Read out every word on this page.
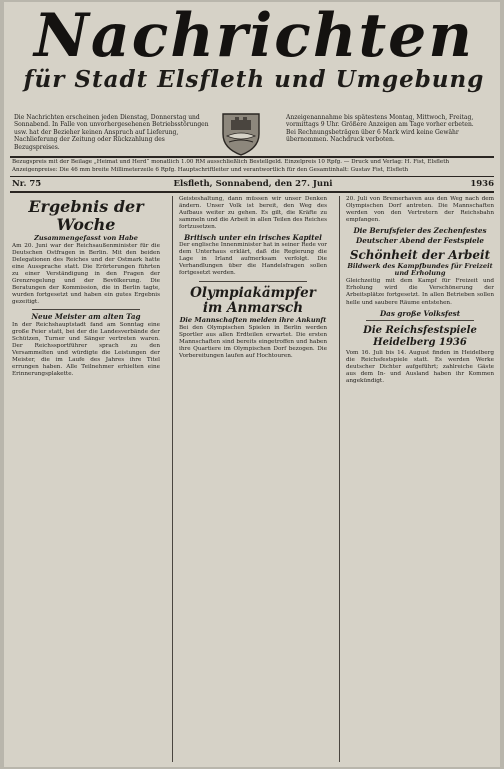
Nachrichten
für Stadt Elsfleth und Umgebung
Die Nachrichten erscheinen jeden Dienstag, Donnerstag und Sonnabend. In Falle von unvorhergesehenen Betriebsstörungen usw. hat der Bezieher keinen Anspruch auf Lieferung, Nachlieferung der Zeitung oder Rückzahlung des Bezugspreises.
Anzeigenannahme bis spätestens Montag, Mittwoch, Freitag, vormittags 9 Uhr. Größere Anzeigen am Tage vorher erbeten. Bei Rechnungsbeträgen über 6 Mark wird keine Gewähr übernommen. Nachdruck verboten.
Bezugspreis mit der Beilage „Heimat und Herd“ monatlich 1.00 RM ausschließlich Bestellgeld. Einzelpreis 10 Rpfg. — Druck und Verlag: H. Fist, Elsfleth
Anzeigenpreise: Die 46 mm breite Millimeterzeile 6 Rpfg. Hauptschriftleiter und verantwortlich für den Gesamtinhalt: Gustav Fist, Elsfleth
Nr. 75	Elsfleth, Sonnabend, den 27. Juni	1936
Ergebnis der Woche
Zusammengefasst von Habe

Am 20. Juni war der Reichsaußenminister für die Deutschen Ostfragen in Berlin. Mit den beiden Delegationen des Reiches und der Ostmark hatte eine Aussprache statt. Die Erörterungen führten zu einer Verständigung in den Fragen der Grenzregelung und der Bevölkerung. Die Beratungen der Kommission, die in Berlin tagte, wurden fortgesetzt und haben ein gutes Ergebnis gezeitigt.

Neue Meister am alten Tag

In der Reichshauptstadt fand am Sonntag eine große Feier statt, bei der die Landesverbände der Schützen, Turner und Sänger vertreten waren. Der Reichssportführer sprach zu den Versammelten und würdigte die Leistungen der Meister, die im Laufe des Jahres ihre Titel errungen haben. Alle Teilnehmer erhielten eine Erinnerungsplakette.

Geisteshaltung, dann müssen wir unser Denken ändern. Unser Volk ist bereit, den Weg des Aufbaus weiter zu gehen. Es gilt, die Kräfte zu sammeln und die Arbeit in allen Teilen des Reiches fortzusetzen.

Britisch unter ein irisches Kapitel

Der englische Innenminister hat in seiner Rede vor dem Unterhaus erklärt, daß die Regierung die Lage in Irland aufmerksam verfolgt. Die Verhandlungen über die Handelsfragen sollen fortgesetzt werden.

Olympiakämpfer im Anmarsch
Die Mannschaften melden ihre Ankunft

Bei den Olympischen Spielen in Berlin werden Sportler aus allen Erdteilen erwartet. Die ersten Mannschaften sind bereits eingetroffen und haben ihre Quartiere im Olympischen Dorf bezogen. Die Vorbereitungen laufen auf Hochtouren.

20. Juli von Bremerhaven aus den Weg nach dem Olympischen Dorf antreten. Die Mannschaften werden von den Vertretern der Reichsbahn empfangen.

Die Berufsfeier des Zechenfestes
Deutscher Abend der Festspiele
Schönheit der Arbeit
Bildwerk des Kampfbundes für Freizeit und Erholung

Gleichzeitig mit dem Kampf für Freizeit und Erholung wird die Verschönerung der Arbeitsplätze fortgesetzt. In allen Betrieben sollen helle und saubere Räume entstehen.

Das große Volksfest
Die Reichsfestspiele Heidelberg 1936

Vom 16. Juli bis 14. August finden in Heidelberg die Reichsfestspiele statt. Es werden Werke deutscher Dichter aufgeführt; zahlreiche Gäste aus dem In- und Ausland haben ihr Kommen angekündigt.
